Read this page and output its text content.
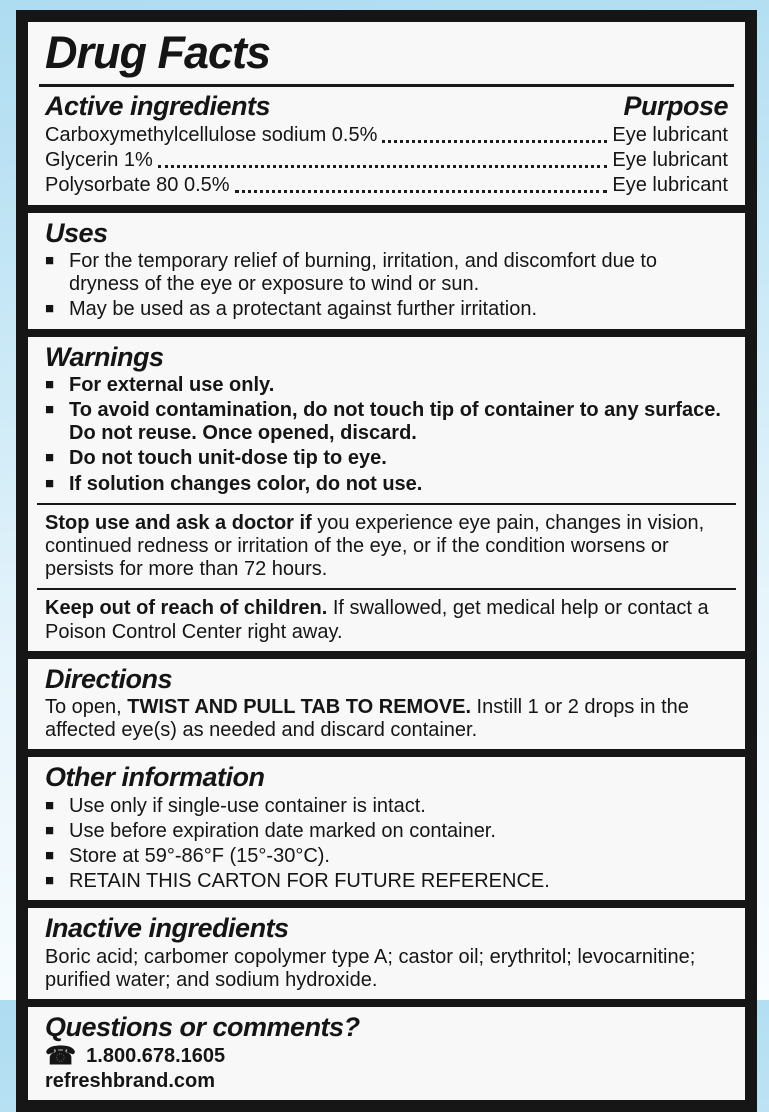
Drug Facts
Active ingredients	Purpose
Carboxymethylcellulose sodium 0.5%	Eye lubricant
Glycerin 1%	Eye lubricant
Polysorbate 80 0.5%	Eye lubricant
Uses
■ For the temporary relief of burning, irritation, and discomfort due to dryness of the eye or exposure to wind or sun.
■ May be used as a protectant against further irritation.
Warnings
■ For external use only.
■ To avoid contamination, do not touch tip of container to any surface. Do not reuse. Once opened, discard.
■ Do not touch unit-dose tip to eye.
■ If solution changes color, do not use.

Stop use and ask a doctor if you experience eye pain, changes in vision, continued redness or irritation of the eye, or if the condition worsens or persists for more than 72 hours.

Keep out of reach of children. If swallowed, get medical help or contact a Poison Control Center right away.

Directions

To open, TWIST AND PULL TAB TO REMOVE. Instill 1 or 2 drops in the affected eye(s) as needed and discard container.

Other information
■ Use only if single-use container is intact.
■ Use before expiration date marked on container.
■ Store at 59°-86°F (15°-30°C).
■ RETAIN THIS CARTON FOR FUTURE REFERENCE.
Inactive ingredients

Boric acid; carbomer copolymer type A; castor oil; erythritol; levocarnitine; purified water; and sodium hydroxide.

Questions or comments?
☎ 1.800.678.1605
refreshbrand.com
